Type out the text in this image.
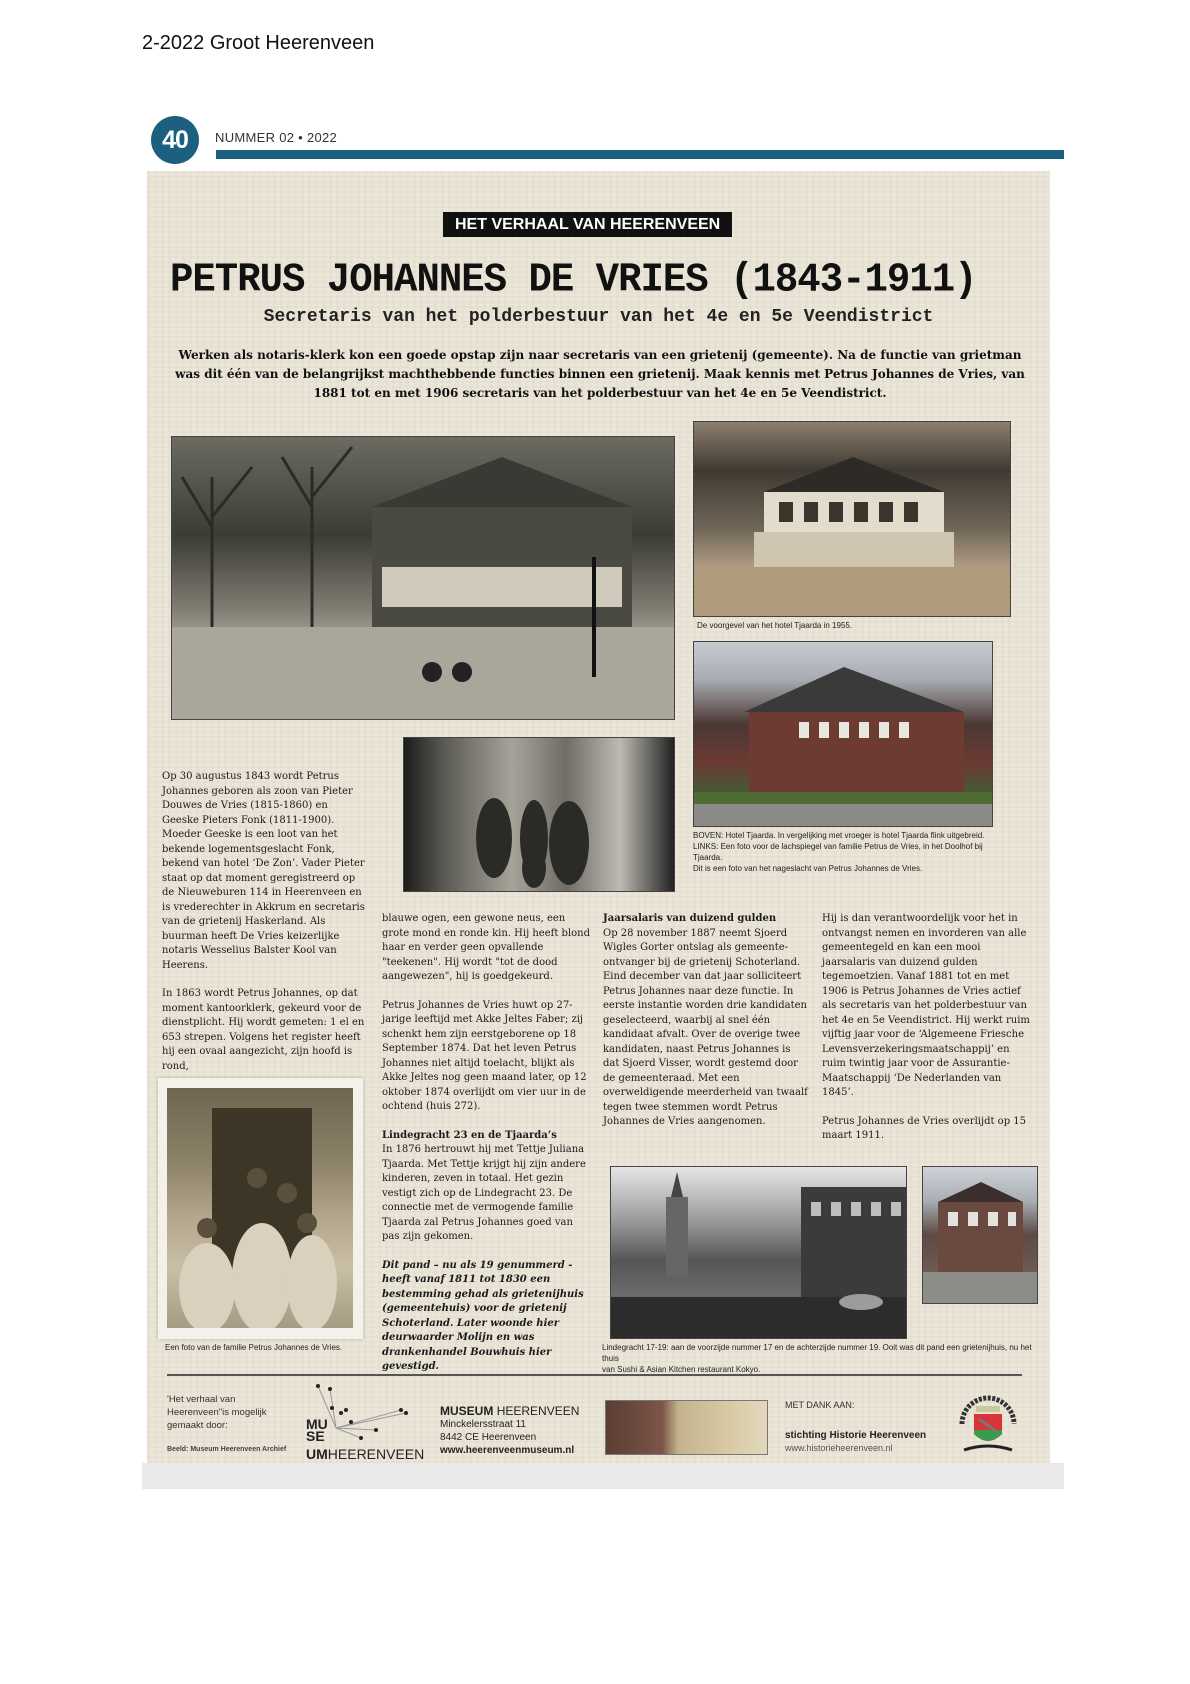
2-2022 Groot Heerenveen
40	NUMMER 02 • 2022
HET VERHAAL VAN HEERENVEEN
PETRUS JOHANNES DE VRIES (1843-1911)
Secretaris van het polderbestuur van het 4e en 5e Veendistrict
Werken als notaris-klerk kon een goede opstap zijn naar secretaris van een grietenij (gemeente). Na de functie van grietman was dit één van de belangrijkst machthebbende functies binnen een grietenij. Maak kennis met Petrus Johannes de Vries, van 1881 tot en met 1906 secretaris van het polderbestuur van het 4e en 5e Veendistrict.
De voorgevel van het hotel Tjaarda in 1955.
BOVEN: Hotel Tjaarda. In vergelijking met vroeger is hotel Tjaarda flink uitgebreid.
LINKS: Een foto voor de lachspiegel van familie Petrus de Vries, in het Doolhof bij Tjaarda.
Dit is een foto van het nageslacht van Petrus Johannes de Vries.
Een foto van de familie Petrus Johannes de Vries.	Lindegracht 17-19: aan de voorzijde nummer 17 en de achterzijde nummer 19. Ooit was dit pand een grietenijhuis, nu het thuis
van Sushi & Asian Kitchen restaurant Kokyo.

Op 30 augustus 1843 wordt Petrus Johannes geboren als zoon van Pieter Douwes de Vries (1815-1860) en Geeske Pieters Fonk (1811-1900). Moeder Geeske is een loot van het bekende logementsgeslacht Fonk, bekend van hotel ‘De Zon’. Vader Pieter staat op dat moment geregistreerd op de Nieuweburen 114 in Heerenveen en is vrederechter in Akkrum en secretaris van de grietenij Haskerland. Als buurman heeft De Vries keizerlijke notaris Wesselius Balster Kool van Heerens.

In 1863 wordt Petrus Johannes, op dat moment kantoorklerk, gekeurd voor de dienstplicht. Hij wordt gemeten: 1 el en 653 strepen. Volgens het register heeft hij een ovaal aangezicht, zijn hoofd is rond,

blauwe ogen, een gewone neus, een grote mond en ronde kin. Hij heeft blond haar en verder geen opvallende "teekenen". Hij wordt "tot de dood aangewezen", hij is goedgekeurd.

Petrus Johannes de Vries huwt op 27-jarige leeftijd met Akke Jeltes Faber; zij schenkt hem zijn eerstgeborene op 18 September 1874. Dat het leven Petrus Johannes niet altijd toelacht, blijkt als Akke Jeltes nog geen maand later, op 12 oktober 1874 overlijdt om vier uur in de ochtend (huis 272).

Lindegracht 23 en de Tjaarda’s
In 1876 hertrouwt hij met Tettje Juliana Tjaarda. Met Tettje krijgt hij zijn andere kinderen, zeven in totaal. Het gezin vestigt zich op de Lindegracht 23. De connectie met de vermogende familie Tjaarda zal Petrus Johannes goed van pas zijn gekomen.

Dit pand – nu als 19 genummerd - heeft vanaf 1811 tot 1830 een bestemming gehad als grietenijhuis (gemeentehuis) voor de grietenij Schoterland. Later woonde hier deurwaarder Molijn en was drankenhandel Bouwhuis hier gevestigd.

Jaarsalaris van duizend gulden
Op 28 november 1887 neemt Sjoerd Wigles Gorter ontslag als gemeente-ontvanger bij de grietenij Schoterland. Eind december van dat jaar solliciteert Petrus Johannes naar deze functie. In eerste instantie worden drie kandidaten geselecteerd, waarbij al snel één kandidaat afvalt. Over de overige twee kandidaten, naast Petrus Johannes is dat Sjoerd Visser, wordt gestemd door de gemeenteraad. Met een overweldigende meerderheid van twaalf tegen twee stemmen wordt Petrus Johannes de Vries aangenomen.

Hij is dan verantwoordelijk voor het in ontvangst nemen en invorderen van alle gemeentegeld en kan een mooi jaarsalaris van duizend gulden tegemoetzien. Vanaf 1881 tot en met 1906 is Petrus Johannes de Vries actief als secretaris van het polderbestuur van het 4e en 5e Veendistrict. Hij werkt ruim vijftig jaar voor de ‘Algemeene Friesche Levensverzekeringsmaatschappij’ en ruim twintig jaar voor de Assurantie-Maatschappij ‘De Nederlanden van 1845’.

Petrus Johannes de Vries overlijdt op 15 maart 1911.

'Het verhaal van Heerenveen"is mogelijk gemaakt door:
Beeld: Museum Heerenveen Archief
MU
SE
UMHEERENVEEN
MUSEUM HEERENVEEN
Minckelersstraat 11
8442 CE Heerenveen
www.heerenveenmuseum.nl
MET DANK AAN:
stichting Historie Heerenveen
www.historieheerenveen.nl
